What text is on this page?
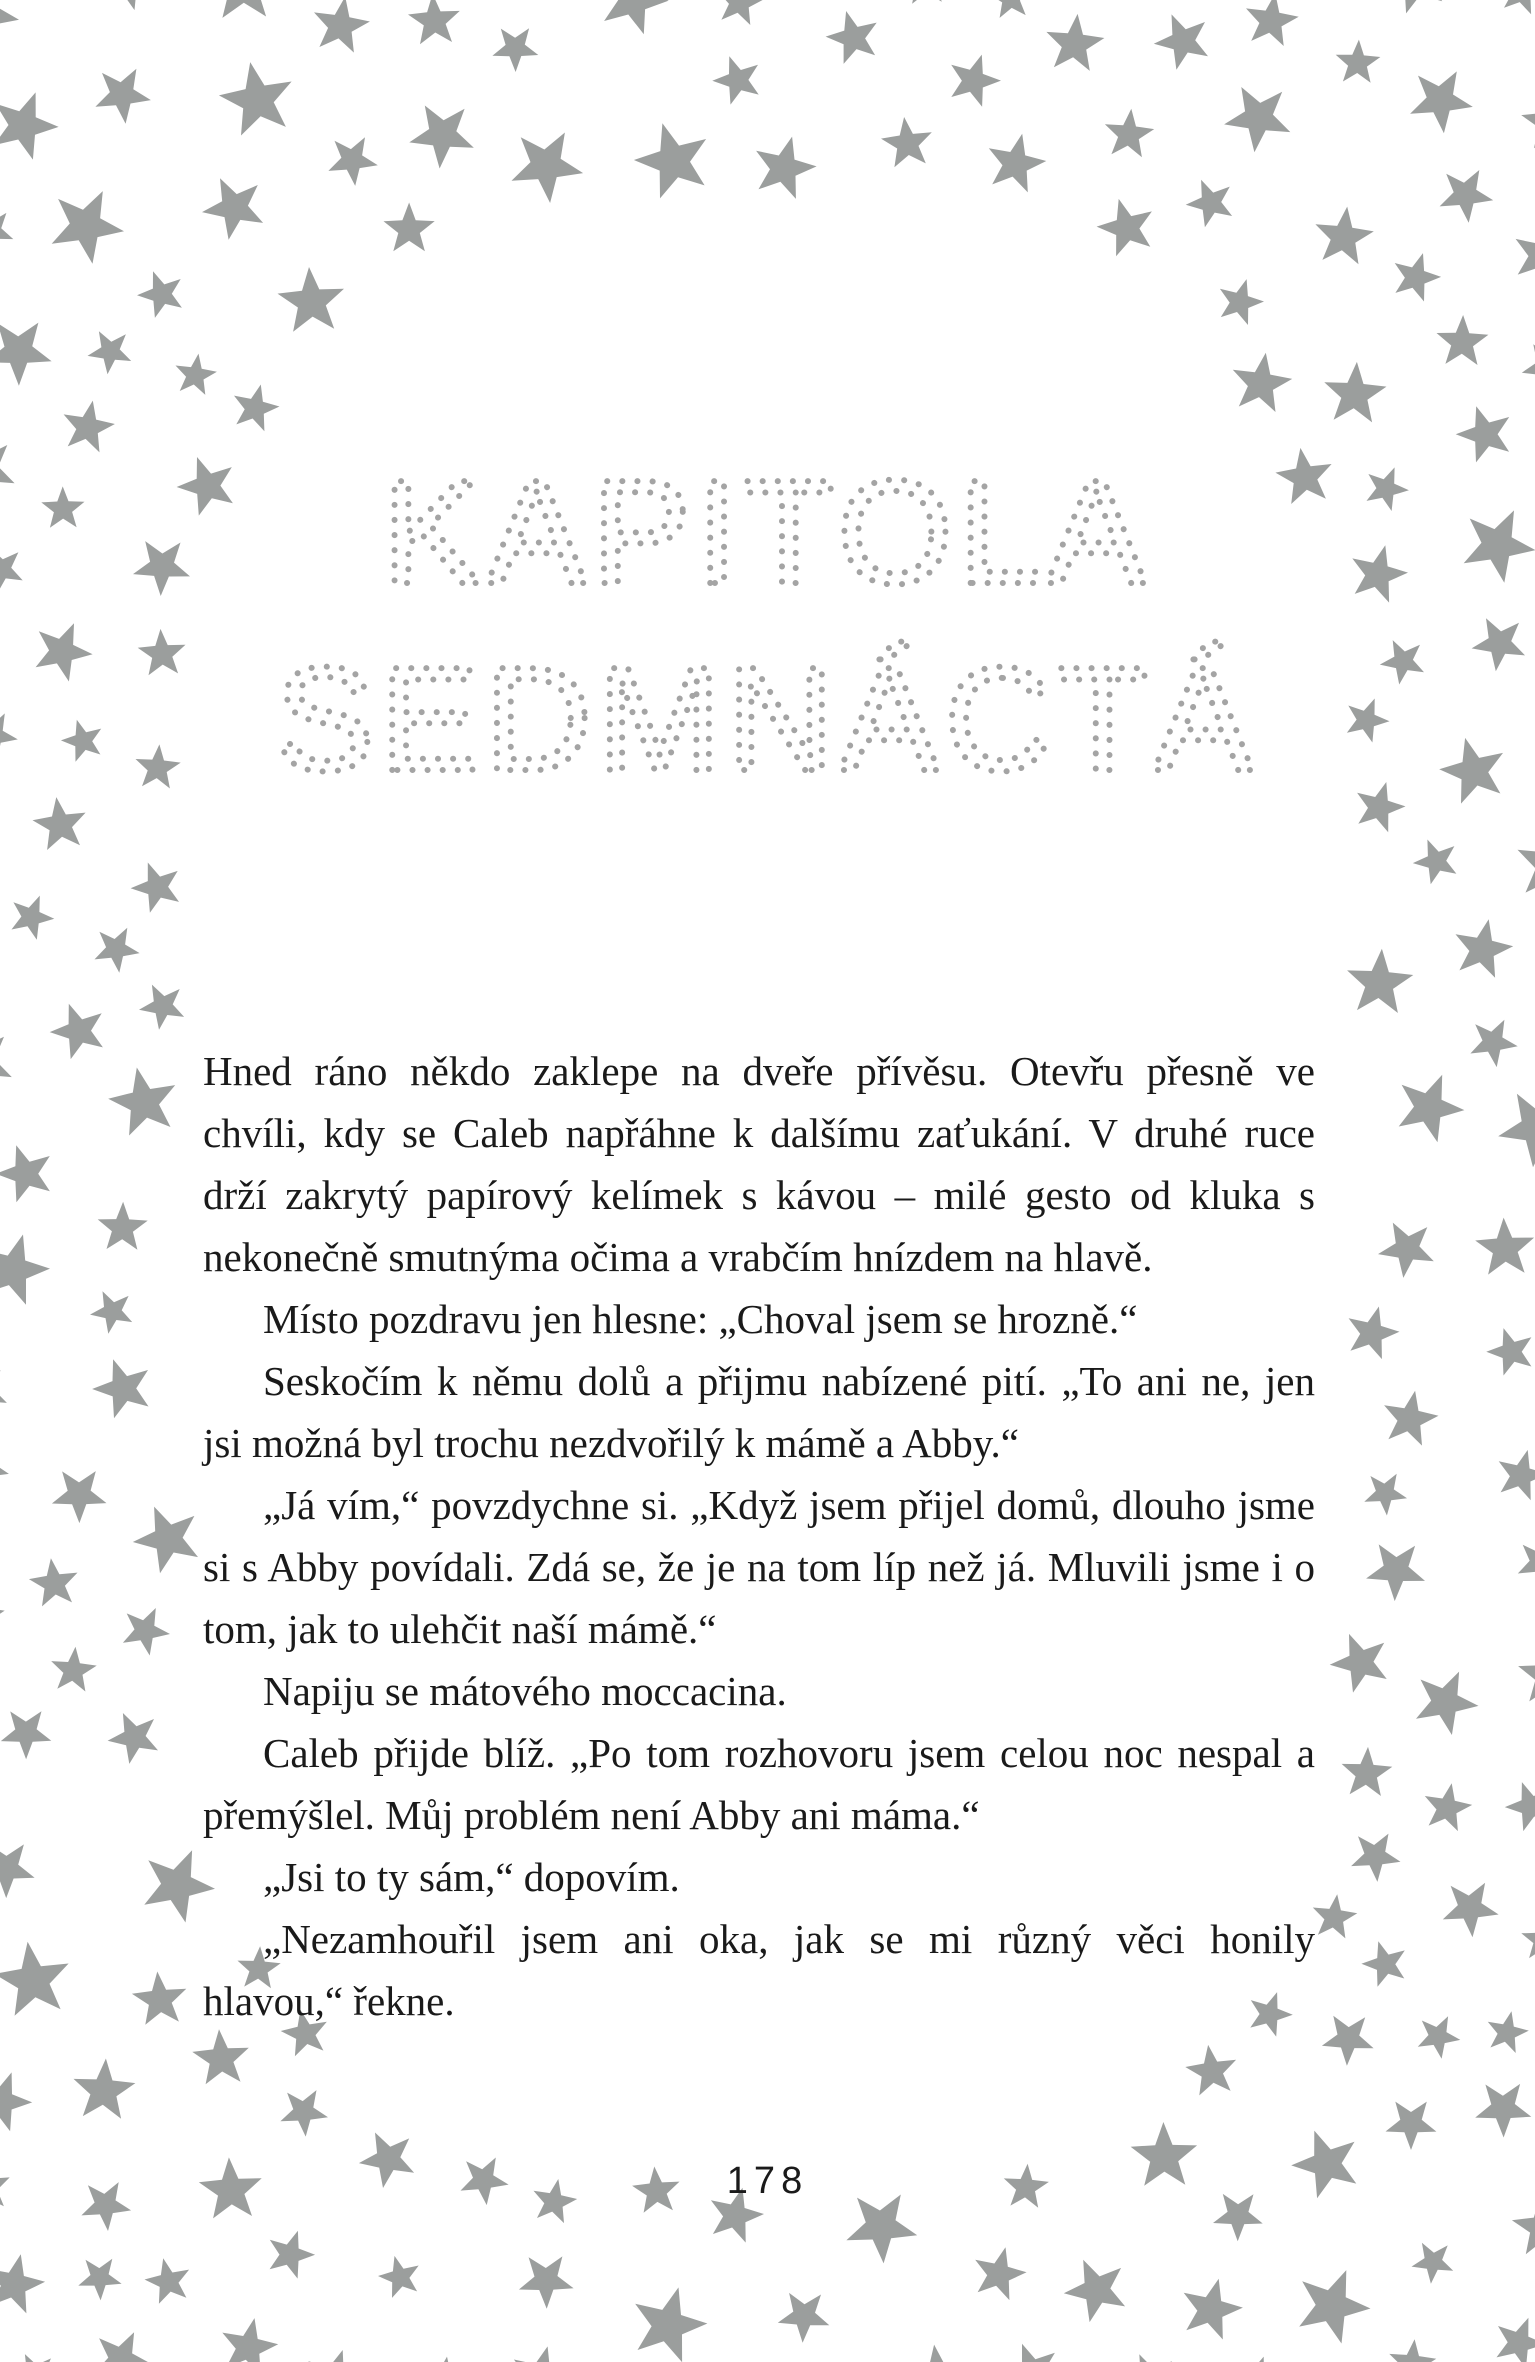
KAPITOLA
SEDMNÁCTÁ

Hned ráno někdo zaklepe na dveře přívěsu. Otevřu přesně ve chvíli, kdy se Caleb napřáhne k dalšímu zaťukání. V druhé ruce drží zakrytý papírový kelímek s kávou – milé gesto od kluka s nekonečně smutnýma očima a vrabčím hnízdem na hlavě.

Místo pozdravu jen hlesne: „Choval jsem se hrozně.“

Seskočím k němu dolů a přijmu nabízené pití. „To ani ne, jen jsi možná byl trochu nezdvořilý k mámě a Abby.“

„Já vím,“ povzdychne si. „Když jsem přijel domů, dlouho jsme si s Abby povídali. Zdá se, že je na tom líp než já. Mluvili jsme i o tom, jak to ulehčit naší mámě.“

Napiju se mátového moccacina.

Caleb přijde blíž. „Po tom rozhovoru jsem celou noc nespal a přemýšlel. Můj problém není Abby ani máma.“

„Jsi to ty sám,“ dopovím.

„Nezamhouřil jsem ani oka, jak se mi různý věci honily hlavou,“ řekne.

178
